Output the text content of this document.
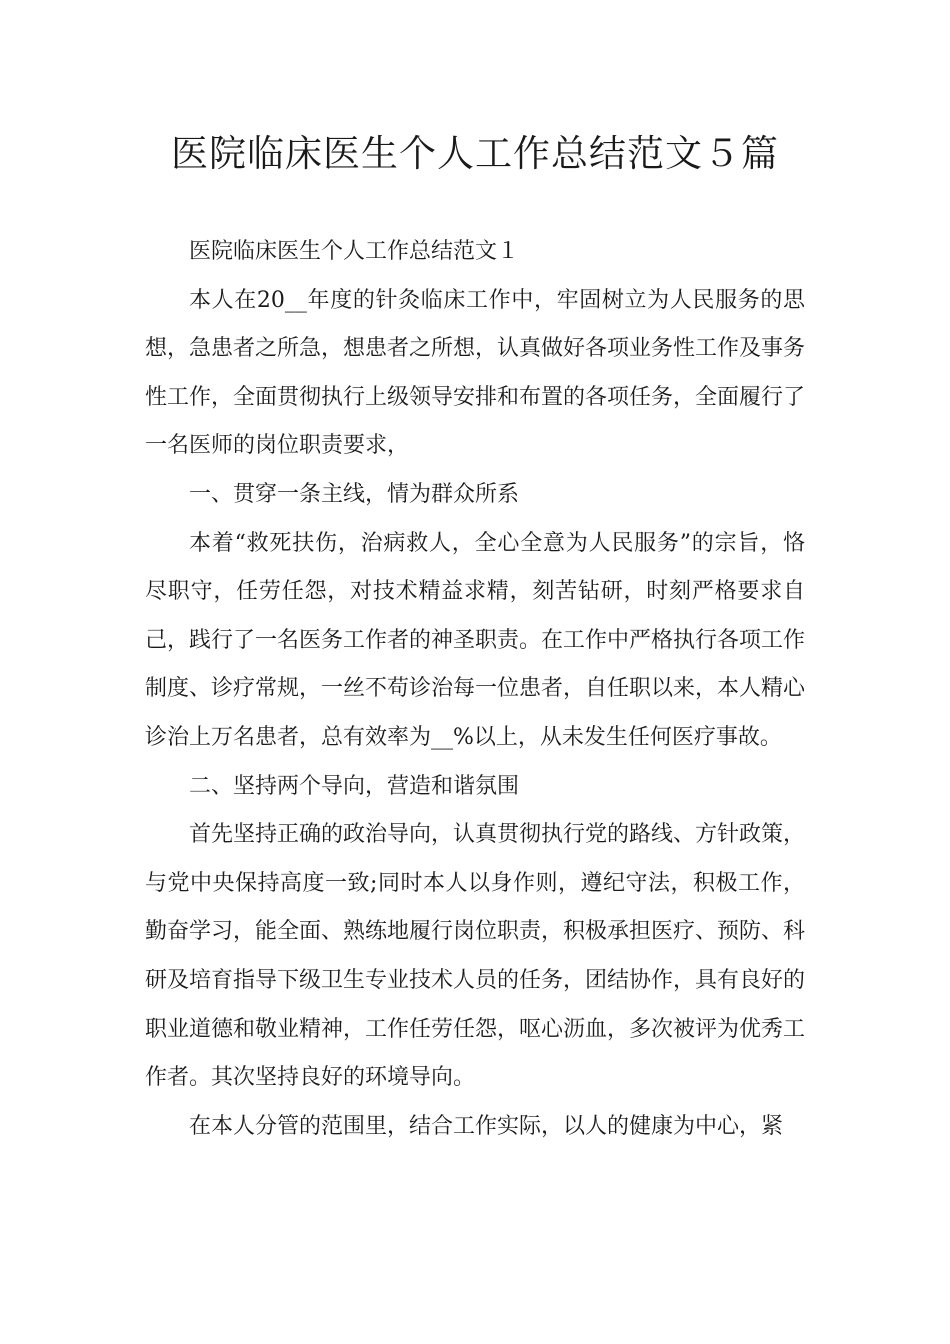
医院临床医生个人工作总结范文５篇

医院临床医生个人工作总结范文１

本人在20__年度的针灸临床工作中，牢固树立为人民服务的思想，急患者之所急，想患者之所想，认真做好各项业务性工作及事务性工作，全面贯彻执行上级领导安排和布置的各项任务，全面履行了一名医师的岗位职责要求，

一、贯穿一条主线，情为群众所系

本着“救死扶伤，治病救人，全心全意为人民服务”的宗旨，恪尽职守，任劳任怨，对技术精益求精，刻苦钻研，时刻严格要求自己，践行了一名医务工作者的神圣职责。在工作中严格执行各项工作制度、诊疗常规，一丝不苟诊治每一位患者，自任职以来，本人精心诊治上万名患者，总有效率为__%以上，从未发生任何医疗事故。

二、坚持两个导向，营造和谐氛围

首先坚持正确的政治导向，认真贯彻执行党的路线、方针政策，与党中央保持高度一致;同时本人以身作则，遵纪守法，积极工作，勤奋学习，能全面、熟练地履行岗位职责，积极承担医疗、预防、科研及培育指导下级卫生专业技术人员的任务，团结协作，具有良好的职业道德和敬业精神，工作任劳任怨，呕心沥血，多次被评为优秀工作者。其次坚持良好的环境导向。

在本人分管的范围里，结合工作实际，以人的健康为中心，紧
